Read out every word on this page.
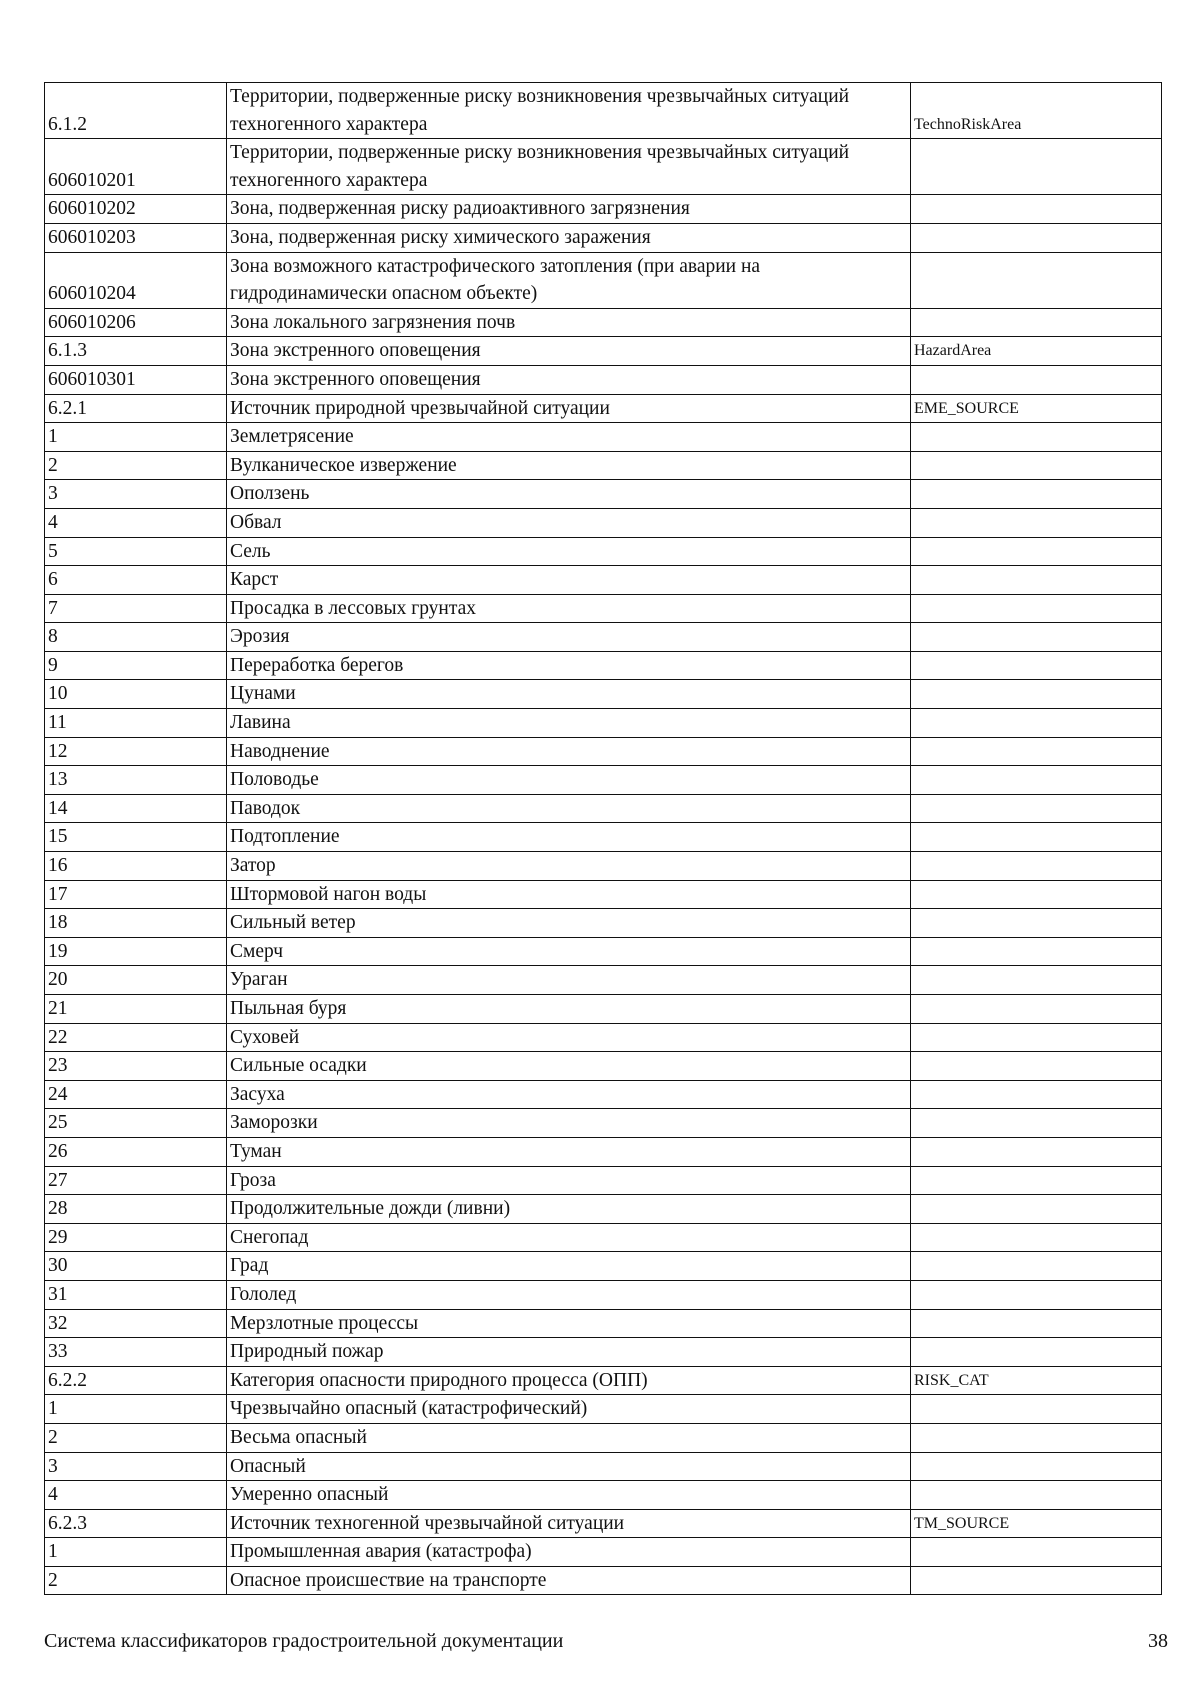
6.1.2	Территории, подверженные риску возникновения чрезвычайных ситуаций техногенного характера	TechnoRiskArea
606010201	Территории, подверженные риску возникновения чрезвычайных ситуаций техногенного характера	
606010202	Зона, подверженная риску радиоактивного загрязнения	
606010203	Зона, подверженная риску химического заражения	
606010204	Зона возможного катастрофического затопления (при аварии на гидродинамически опасном объекте)	
606010206	Зона локального загрязнения почв	
6.1.3	Зона экстренного оповещения	HazardArea
606010301	Зона экстренного оповещения	
6.2.1	Источник природной чрезвычайной ситуации	EME_SOURCE
1	Землетрясение	
2	Вулканическое извержение	
3	Оползень	
4	Обвал	
5	Сель	
6	Карст	
7	Просадка в лессовых грунтах	
8	Эрозия	
9	Переработка берегов	
10	Цунами	
11	Лавина	
12	Наводнение	
13	Половодье	
14	Паводок	
15	Подтопление	
16	Затор	
17	Штормовой нагон воды	
18	Сильный ветер	
19	Смерч	
20	Ураган	
21	Пыльная буря	
22	Суховей	
23	Сильные осадки	
24	Засуха	
25	Заморозки	
26	Туман	
27	Гроза	
28	Продолжительные дожди (ливни)	
29	Снегопад	
30	Град	
31	Гололед	
32	Мерзлотные процессы	
33	Природный пожар	
6.2.2	Категория опасности природного процесса (ОПП)	RISK_CAT
1	Чрезвычайно опасный (катастрофический)	
2	Весьма опасный	
3	Опасный	
4	Умеренно опасный	
6.2.3	Источник техногенной чрезвычайной ситуации	TM_SOURCE
1	Промышленная авария (катастрофа)	
2	Опасное происшествие на транспорте	
Система классификаторов градостроительной документации	38
